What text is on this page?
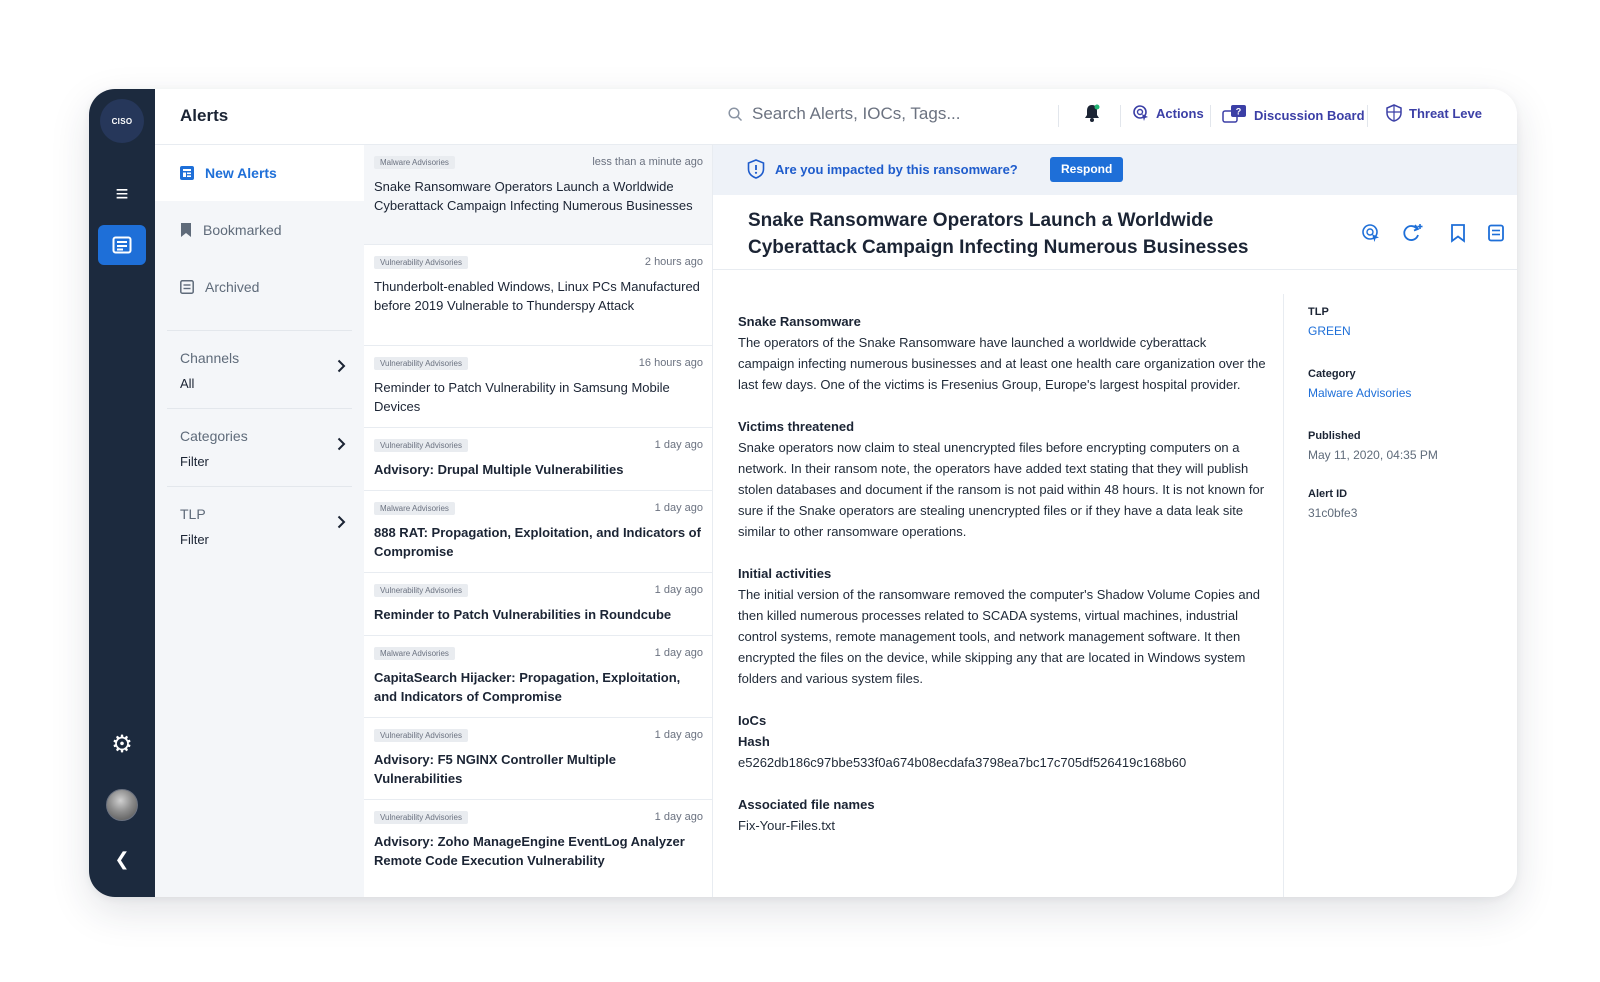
CISO
≡
⚙
❮
Alerts	Search Alerts, IOCs, Tags...	Actions	? Discussion Board	Threat Leve
New Alerts
Bookmarked
Archived
Channels
All
Categories
Filter
TLP
Filter
Malware Advisories	less than a minute ago
Snake Ransomware Operators Launch a Worldwide Cyberattack Campaign Infecting Numerous Businesses
Vulnerability Advisories	2 hours ago
Thunderbolt-enabled Windows, Linux PCs Manufactured before 2019 Vulnerable to Thunderspy Attack
Vulnerability Advisories	16 hours ago
Reminder to Patch Vulnerability in Samsung Mobile Devices
Vulnerability Advisories	1 day ago
Advisory: Drupal Multiple Vulnerabilities
Malware Advisories	1 day ago
888 RAT: Propagation, Exploitation, and Indicators of Compromise
Vulnerability Advisories	1 day ago
Reminder to Patch Vulnerabilities in Roundcube
Malware Advisories	1 day ago
CapitaSearch Hijacker: Propagation, Exploitation, and Indicators of Compromise
Vulnerability Advisories	1 day ago
Advisory: F5 NGINX Controller Multiple Vulnerabilities
Vulnerability Advisories	1 day ago
Advisory: Zoho ManageEngine EventLog Analyzer Remote Code Execution Vulnerability
Are you impacted by this ransomware?	Respond
Snake Ransomware Operators Launch a Worldwide Cyberattack Campaign Infecting Numerous Businesses
Snake Ransomware
The operators of the Snake Ransomware have launched a worldwide cyberattack campaign infecting numerous businesses and at least one health care organization over the last few days. One of the victims is Fresenius Group, Europe's largest hospital provider.
Victims threatened
Snake operators now claim to steal unencrypted files before encrypting computers on a network. In their ransom note, the operators have added text stating that they will publish stolen databases and document if the ransom is not paid within 48 hours. It is not known for sure if the Snake operators are stealing unencrypted files or if they have a data leak site similar to other ransomware operations.
Initial activities
The initial version of the ransomware removed the computer's Shadow Volume Copies and then killed numerous processes related to SCADA systems, virtual machines, industrial control systems, remote management tools, and network management software. It then encrypted the files on the device, while skipping any that are located in Windows system folders and various system files.
IoCs
Hash
e5262db186c97bbe533f0a674b08ecdafa3798ea7bc17c705df526419c168b60
Associated file names
Fix-Your-Files.txt
TLP
GREEN
Category
Malware Advisories
Published
May 11, 2020, 04:35 PM
Alert ID
31c0bfe3
